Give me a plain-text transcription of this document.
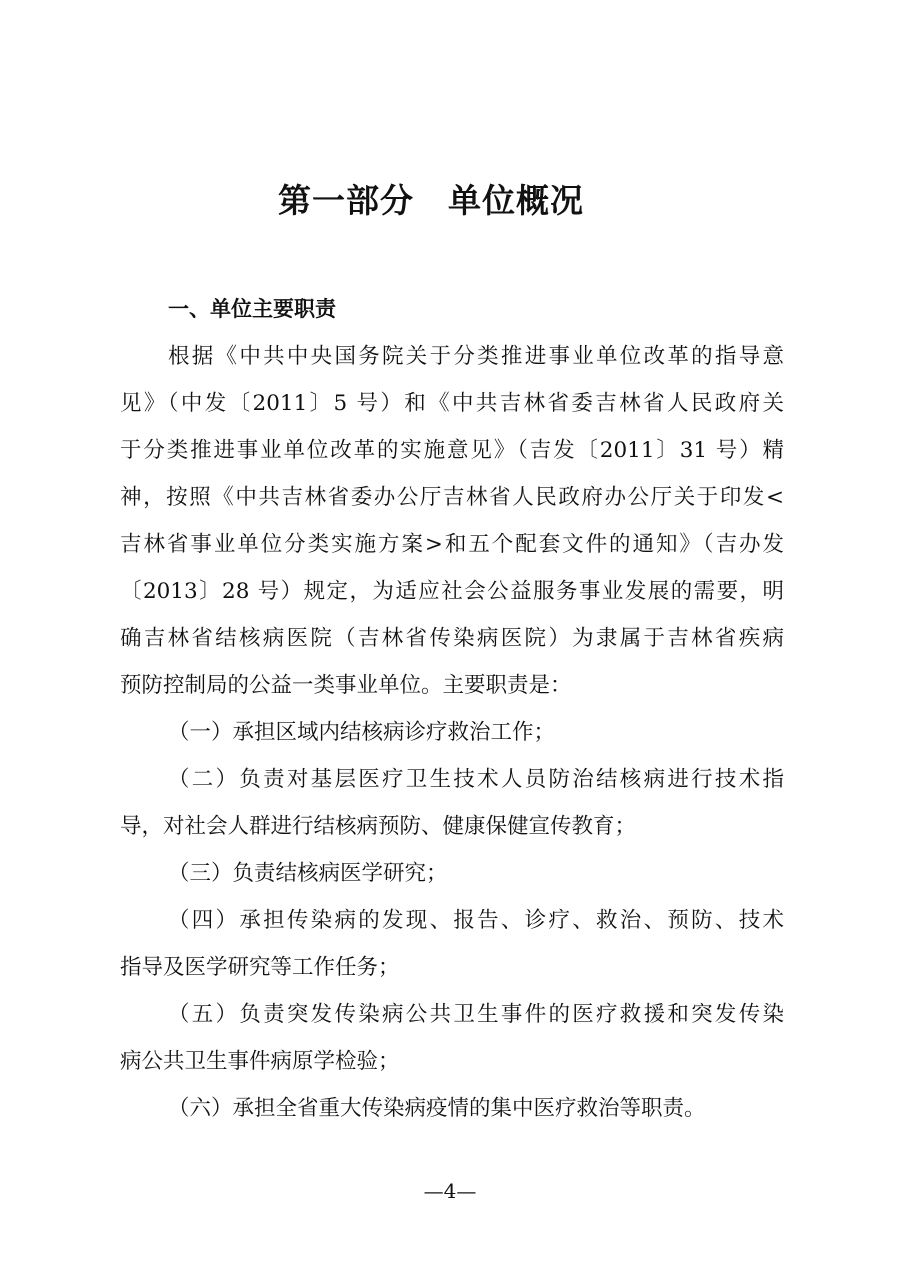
第一部分　单位概况
一、单位主要职责

根据《中共中央国务院关于分类推进事业单位改革的指导意

见》（中发〔2011〕5 号）和《中共吉林省委吉林省人民政府关

于分类推进事业单位改革的实施意见》（吉发〔2011〕31 号）精

神，按照《中共吉林省委办公厅吉林省人民政府办公厅关于印发<

吉林省事业单位分类实施方案>和五个配套文件的通知》（吉办发

〔2013〕28 号）规定，为适应社会公益服务事业发展的需要，明

确吉林省结核病医院（吉林省传染病医院）为隶属于吉林省疾病

预防控制局的公益一类事业单位。主要职责是：

（一）承担区域内结核病诊疗救治工作；

（二）负责对基层医疗卫生技术人员防治结核病进行技术指

导，对社会人群进行结核病预防、健康保健宣传教育；

（三）负责结核病医学研究；

（四）承担传染病的发现、报告、诊疗、救治、预防、技术

指导及医学研究等工作任务；

（五）负责突发传染病公共卫生事件的医疗救援和突发传染

病公共卫生事件病原学检验；

（六）承担全省重大传染病疫情的集中医疗救治等职责。

—4—
